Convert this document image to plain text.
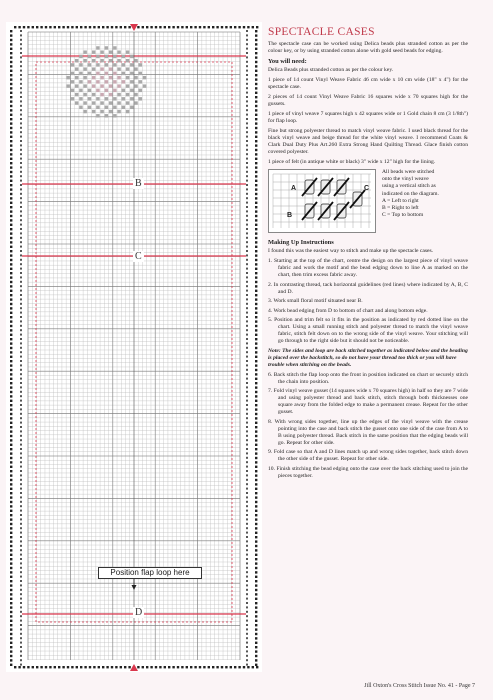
B
C
D
Position flap loop here
SPECTACLE CASES
The spectacle case can be worked using Delica beads plus stranded cotton as per the colour key, or by using stranded cotton alone with gold seed beads for edging.
You will need:
Delica Beads plus stranded cotton as per the colour key.
1 piece of 14 count Vinyl Weave Fabric 46 cm wide x 10 cm wide (18" x 4") for the spectacle case.
2 pieces of 14 count Vinyl Weave Fabric 16 squares wide x 70 squares high for the gussets.
1 piece of vinyl weave 7 squares high x 42 squares wide or 1 Gold chain 8 cm (3 1/8th") for flap loop.
Fine but strong polyester thread to match vinyl weave fabric. I used black thread for the black vinyl weave and beige thread for the white vinyl weave. I recommend Coats & Clark Dual Duty Plus Art.260 Extra Strong Hand Quilting Thread. Glace finish cotton covered polyester.
1 piece of felt (in antique white or black) 3" wide x 12" high for the lining.
A
B
C
All beads were stitched
onto the vinyl weave
using a vertical stitch as
indicated on the diagram.
A = Left to right
B = Right to left
C = Top to bottom
Making Up Instructions
I found this was the easiest way to stitch and make up the spectacle cases.
1. Starting at the top of the chart, centre the design on the largest piece of vinyl weave fabric and work the motif and the bead edging down to line A as marked on the chart, then trim excess fabric away.
2. In contrasting thread, tack horizontal guidelines (red lines) where indicated by A, B, C and D.
3. Work small floral motif situated near B.
4. Work bead edging from D to bottom of chart and along bottom edge.
5. Position and trim felt so it fits in the position as indicated by red dotted line on the chart. Using a small running stitch and polyester thread to match the vinyl weave fabric, stitch felt down on to the wrong side of the vinyl weave. Your stitching will go through to the right side but it should not be noticeable.
Note: The sides and loop are back stitched together as indicated below and the beading is placed over the backstitch, so do not have your thread too thick or you will have trouble when stitching on the beads.
6. Back stitch the flap loop onto the front in position indicated on chart or securely stitch the chain into position.
7. Fold vinyl weave gusset (14 squares wide x 70 squares high) in half so they are 7 wide and using polyester thread and back stitch, stitch through both thicknesses one square away from the folded edge to make a permanent crease. Repeat for the other gusset.
8. With wrong sides together, line up the edges of the vinyl weave with the crease pointing into the case and back stitch the gusset onto one side of the case from A to B using polyester thread. Back stitch in the same position that the edging beads will go. Repeat for other side.
9. Fold case so that A and D lines match up and wrong sides together, back stitch down the other side of the gusset. Repeat for other side.
10. Finish stitching the bead edging onto the case over the back stitching used to join the pieces together.
Jill Oxton's Cross Stitch Issue No. 41 - Page 7
